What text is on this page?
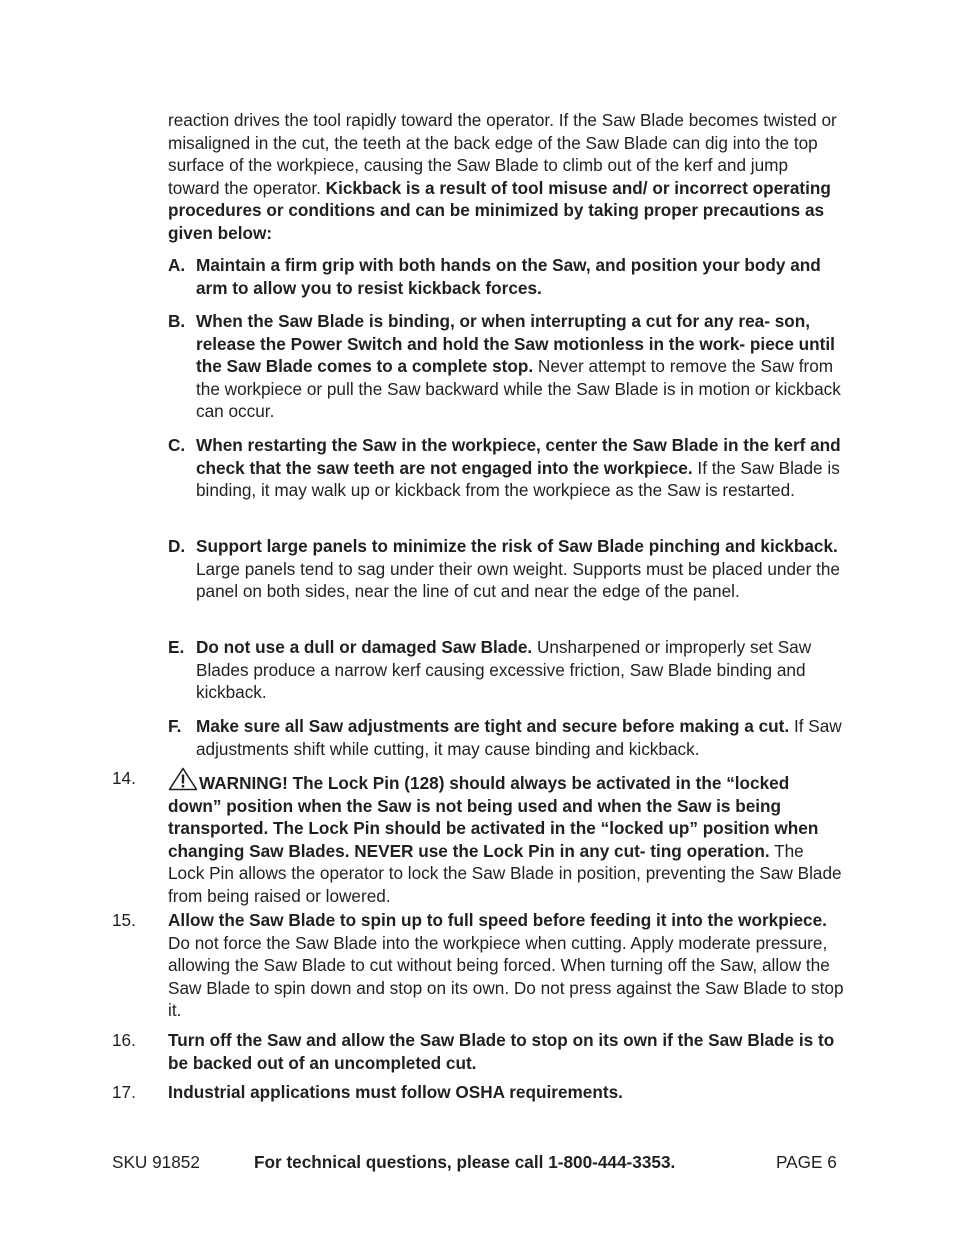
reaction drives the tool rapidly toward the operator. If the Saw Blade becomes twisted or misaligned in the cut, the teeth at the back edge of the Saw Blade can dig into the top surface of the workpiece, causing the Saw Blade to climb out of the kerf and jump toward the operator. Kickback is a result of tool misuse and/ or incorrect operating procedures or conditions and can be minimized by taking proper precautions as given below:
A. Maintain a firm grip with both hands on the Saw, and position your body and arm to allow you to resist kickback forces.
B. When the Saw Blade is binding, or when interrupting a cut for any rea- son, release the Power Switch and hold the Saw motionless in the work- piece until the Saw Blade comes to a complete stop. Never attempt to remove the Saw from the workpiece or pull the Saw backward while the Saw Blade is in motion or kickback can occur.
C. When restarting the Saw in the workpiece, center the Saw Blade in the kerf and check that the saw teeth are not engaged into the workpiece. If the Saw Blade is binding, it may walk up or kickback from the workpiece as the Saw is restarted.
D. Support large panels to minimize the risk of Saw Blade pinching and kickback. Large panels tend to sag under their own weight. Supports must be placed under the panel on both sides, near the line of cut and near the edge of the panel.
E. Do not use a dull or damaged Saw Blade. Unsharpened or improperly set Saw Blades produce a narrow kerf causing excessive friction, Saw Blade binding and kickback.
F. Make sure all Saw adjustments are tight and secure before making a cut. If Saw adjustments shift while cutting, it may cause binding and kickback.
14.	WARNING! The Lock Pin (128) should always be activated in the “locked down” position when the Saw is not being used and when the Saw is being transported. The Lock Pin should be activated in the “locked up” position when changing Saw Blades. NEVER use the Lock Pin in any cut- ting operation. The Lock Pin allows the operator to lock the Saw Blade in position, preventing the Saw Blade from being raised or lowered.
15. Allow the Saw Blade to spin up to full speed before feeding it into the workpiece. Do not force the Saw Blade into the workpiece when cutting. Apply moderate pressure, allowing the Saw Blade to cut without being forced. When turning off the Saw, allow the Saw Blade to spin down and stop on its own. Do not press against the Saw Blade to stop it.
16. Turn off the Saw and allow the Saw Blade to stop on its own if the Saw Blade is to be backed out of an uncompleted cut.
17. Industrial applications must follow OSHA requirements.
SKU 91852	For technical questions, please call 1-800-444-3353.	PAGE 6
